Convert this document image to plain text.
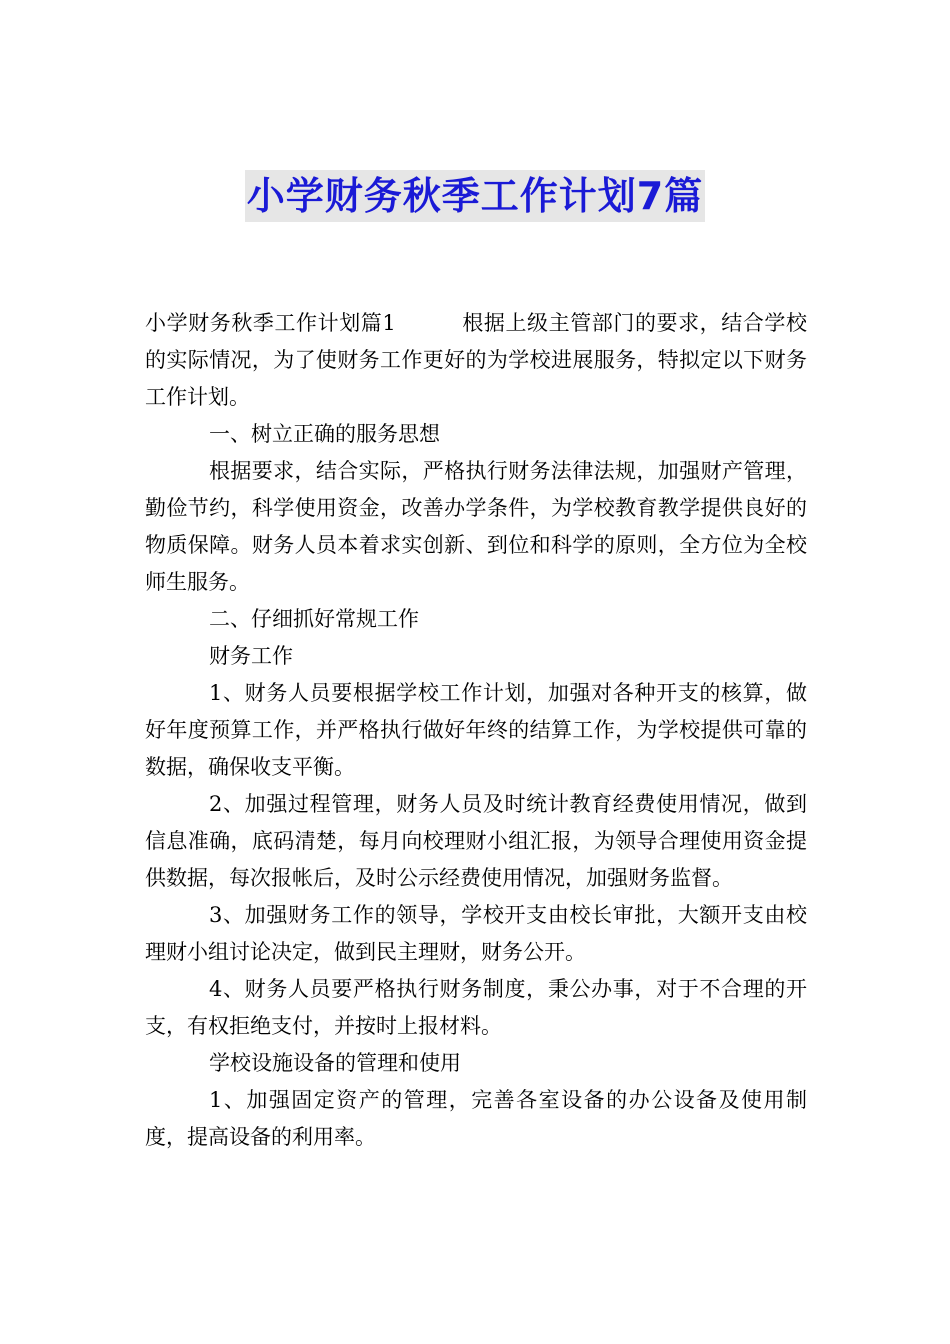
小学财务秋季工作计划7篇

小学财务秋季工作计划篇1	根据上级主管部门的要求，结合学校的实际情况，为了使财务工作更好的为学校进展服务，特拟定以下财务工作计划。

一、树立正确的服务思想

根据要求，结合实际，严格执行财务法律法规，加强财产管理，勤俭节约，科学使用资金，改善办学条件，为学校教育教学提供良好的物质保障。财务人员本着求实创新、到位和科学的原则，全方位为全校师生服务。

二、仔细抓好常规工作

财务工作

1、财务人员要根据学校工作计划，加强对各种开支的核算，做好年度预算工作，并严格执行做好年终的结算工作，为学校提供可靠的数据，确保收支平衡。

2、加强过程管理，财务人员及时统计教育经费使用情况，做到信息准确，底码清楚，每月向校理财小组汇报，为领导合理使用资金提供数据，每次报帐后，及时公示经费使用情况，加强财务监督。

3、加强财务工作的领导，学校开支由校长审批，大额开支由校理财小组讨论决定，做到民主理财，财务公开。

4、财务人员要严格执行财务制度，秉公办事，对于不合理的开支，有权拒绝支付，并按时上报材料。

学校设施设备的管理和使用

1、加强固定资产的管理，完善各室设备的办公设备及使用制度，提高设备的利用率。
